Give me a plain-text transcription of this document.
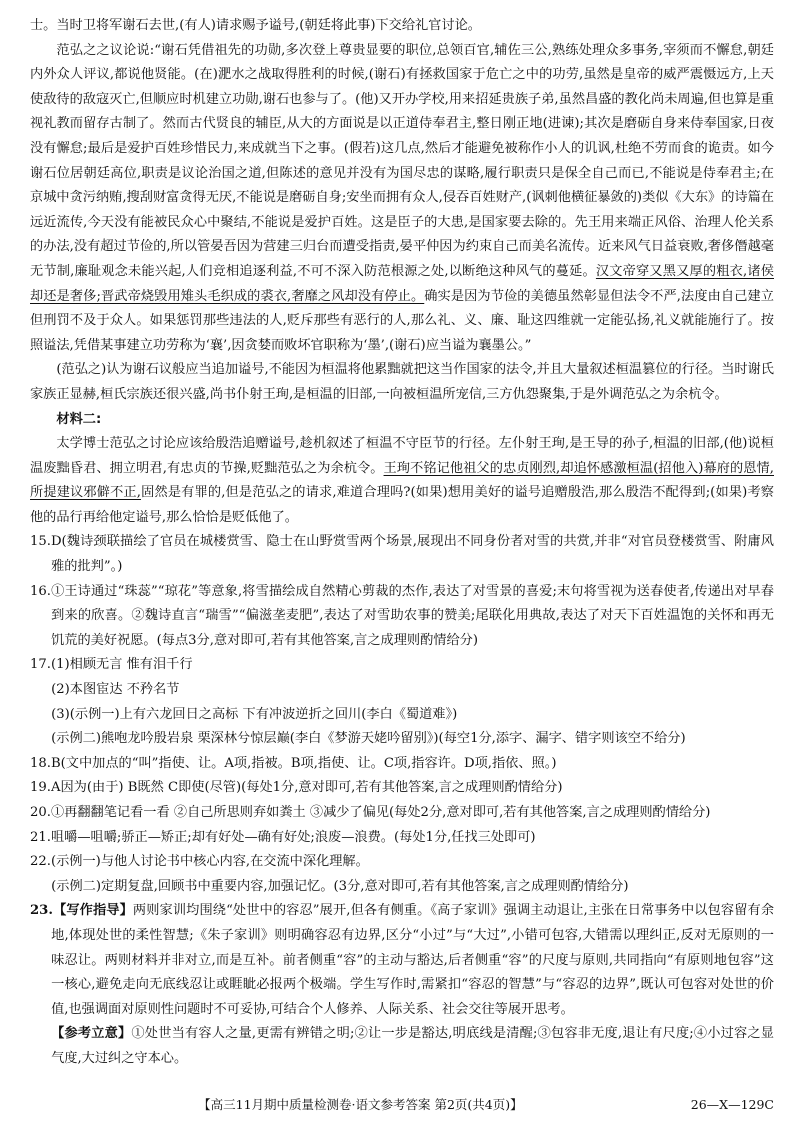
士。当时卫将军谢石去世,(有人)请求赐予谥号,(朝廷将此事)下交给礼官讨论。

范弘之之议论说:“谢石凭借祖先的功勋,多次登上尊贵显要的职位,总领百官,辅佐三公,熟练处理众多事务,宰须而不懈怠,朝廷内外众人评议,都说他贤能。(在)淝水之战取得胜利的时候,(谢石)有拯救国家于危亡之中的功劳,虽然是皇帝的威严震慑远方,上天使敌待的敌寇灭亡,但顺应时机建立功勋,谢石也参与了。(他)又开办学校,用来招延贵族子弟,虽然昌盛的教化尚未周遍,但也算是重视礼教而留存古制了。然而古代贤良的辅臣,从大的方面说是以正道侍奉君主,整日刚正地(进谏);其次是磨砺自身来侍奉国家,日夜没有懈怠;最后是爱护百姓珍惜民力,来成就当下之事。(假若)这几点,然后才能避免被称作小人的讥讽,杜绝不劳而食的诡责。如今谢石位居朝廷高位,职责是议论治国之道,但陈述的意见并没有为国尽忠的谋略,履行职责只是保全自己而已,不能说是侍奉君主;在京城中贪污纳贿,搜刮财富贪得无厌,不能说是磨砺自身;安坐而拥有众人,侵吞百姓财产,(讽刺他横征暴敛的)类似《大东》的诗篇在远近流传,今天没有能被民众心中聚结,不能说是爱护百姓。这是臣子的大患,是国家要去除的。先王用来端正风俗、治理人伦关系的办法,没有超过节俭的,所以管晏吾因为营建三归台而遭受指责,晏平仲因为约束自己而美名流传。近来风气日益衰败,奢侈僭越毫无节制,廉耻观念未能兴起,人们竞相追逐利益,不可不深入防范根源之处,以断绝这种风气的蔓延。汉文帝穿又黑又厚的粗衣,诸侯却还是奢侈;晋武帝烧毁用雉头毛织成的裘衣,奢靡之风却没有停止。确实是因为节俭的美德虽然彰显但法令不严,法度由自己建立但刑罚不及于众人。如果惩罚那些违法的人,贬斥那些有恶行的人,那么礼、义、廉、耻这四维就一定能弘扬,礼义就能施行了。按照谥法,凭借某事建立功劳称为‘襄’,因贪婪而败坏官职称为‘墨’,(谢石)应当谥为襄墨公。”

(范弘之)认为谢石议般应当追加谥号,不能因为桓温将他累黜就把这当作国家的法令,并且大量叙述桓温篡位的行径。当时谢氏家族正显赫,桓氏宗族还很兴盛,尚书仆射王珣,是桓温的旧部,一向被桓温所宠信,三方仇怨聚集,于是外调范弘之为余杭令。

材料二:

太学博士范弘之讨论应该给殷浩追赠谥号,趁机叙述了桓温不守臣节的行径。左仆射王珣,是王导的孙子,桓温的旧部,(他)说桓温废黜昏君、拥立明君,有忠贞的节操,贬黜范弘之为余杭令。王珣不铭记他祖父的忠贞刚烈,却追怀感激桓温(招他入)幕府的恩情,所提建议邪僻不正,固然是有罪的,但是范弘之的请求,难道合理吗?(如果)想用美好的谥号追赠殷浩,那么殷浩不配得到;(如果)考察他的品行再给他定谥号,那么恰恰是贬低他了。

15.D(魏诗颈联描绘了官员在城楼赏雪、隐士在山野赏雪两个场景,展现出不同身份者对雪的共赏,并非“对官员登楼赏雪、附庸风雅的批判”。)

16.①王诗通过“珠蕊”“琼花”等意象,将雪描绘成自然精心剪裁的杰作,表达了对雪景的喜爱;末句将雪视为送春使者,传递出对早春到来的欣喜。②魏诗直言“瑞雪”“偏滋垄麦肥”,表达了对雪助农事的赞美;尾联化用典故,表达了对天下百姓温饱的关怀和再无饥荒的美好祝愿。(每点3分,意对即可,若有其他答案,言之成理则酌情给分)

17.(1)相顾无言 惟有泪千行

(2)本图宦达 不矜名节

(3)(示例一)上有六龙回日之高标 下有冲波逆折之回川(李白《蜀道难》)

(示例二)熊咆龙吟殷岩泉 栗深林兮惊层巅(李白《梦游天姥吟留别》)(每空1分,添字、漏字、错字则该空不给分)

18.B(文中加点的“叫”指使、让。A项,指被。B项,指使、让。C项,指容许。D项,指依、照。)

19.A因为(由于) B既然 C即使(尽管)(每处1分,意对即可,若有其他答案,言之成理则酌情给分)

20.①再翻翻笔记看一看 ②自己所思则弃如粪土 ③减少了偏见(每处2分,意对即可,若有其他答案,言之成理则酌情给分)

21.咀嚼—咀嚼;骄正—矫正;却有好处—确有好处;浪废—浪费。(每处1分,任找三处即可)

22.(示例一)与他人讨论书中核心内容,在交流中深化理解。

(示例二)定期复盘,回顾书中重要内容,加强记忆。(3分,意对即可,若有其他答案,言之成理则酌情给分)

23.【写作指导】两则家训均围绕“处世中的容忍”展开,但各有侧重。《高子家训》强调主动退让,主张在日常事务中以包容留有余地,体现处世的柔性智慧;《朱子家训》则明确容忍有边界,区分“小过”与“大过”,小错可包容,大错需以理纠正,反对无原则的一味忍让。两则材料并非对立,而是互补。前者侧重“容”的主动与豁达,后者侧重“容”的尺度与原则,共同指向“有原则地包容”这一核心,避免走向无底线忍让或睚眦必报两个极端。学生写作时,需紧扣“容忍的智慧”与“容忍的边界”,既认可包容对处世的价值,也强调面对原则性问题时不可妥协,可结合个人修养、人际关系、社会交往等展开思考。

【参考立意】①处世当有容人之量,更需有辨错之明;②让一步是豁达,明底线是清醒;③包容非无度,退让有尺度;④小过容之显气度,大过纠之守本心。

【高三11月期中质量检测卷·语文参考答案 第2页(共4页)】	26—X—129C
